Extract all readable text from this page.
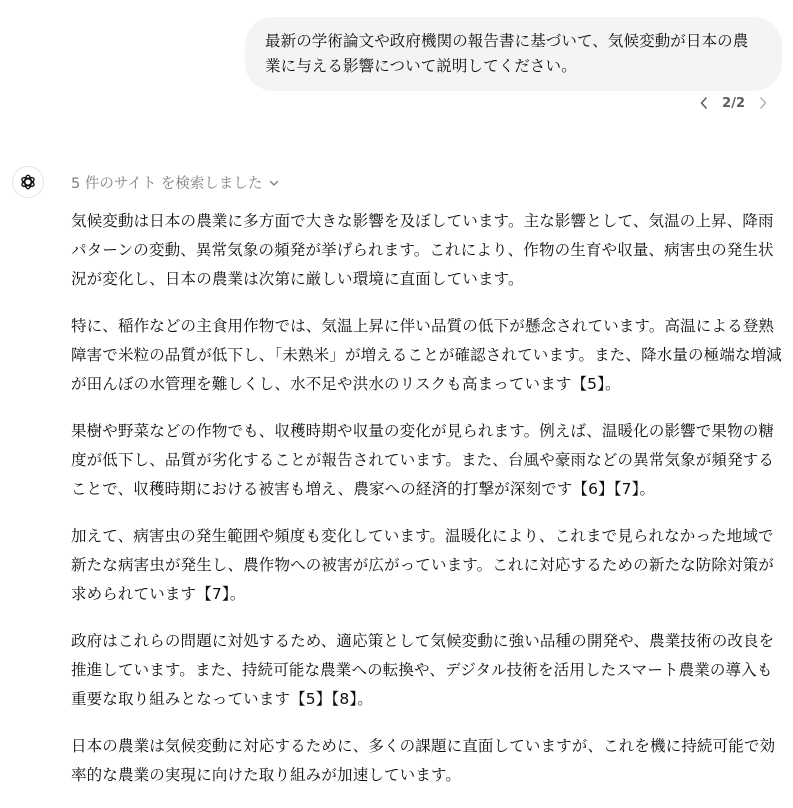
最新の学術論文や政府機関の報告書に基づいて、気候変動が日本の農業に与える影響について説明してください。
2/2
5 件のサイト を検索しました

気候変動は日本の農業に多方面で大きな影響を及ぼしています。主な影響として、気温の上昇、降雨パターンの変動、異常気象の頻発が挙げられます。これにより、作物の生育や収量、病害虫の発生状況が変化し、日本の農業は次第に厳しい環境に直面しています。

特に、稲作などの主食用作物では、気温上昇に伴い品質の低下が懸念されています。高温による登熟障害で米粒の品質が低下し、「未熟米」が増えることが確認されています。また、降水量の極端な増減が田んぼの水管理を難しくし、水不足や洪水のリスクも高まっています【5】。

果樹や野菜などの作物でも、収穫時期や収量の変化が見られます。例えば、温暖化の影響で果物の糖度が低下し、品質が劣化することが報告されています。また、台風や豪雨などの異常気象が頻発することで、収穫時期における被害も増え、農家への経済的打撃が深刻です【6】【7】。

加えて、病害虫の発生範囲や頻度も変化しています。温暖化により、これまで見られなかった地域で新たな病害虫が発生し、農作物への被害が広がっています。これに対応するための新たな防除対策が求められています【7】。

政府はこれらの問題に対処するため、適応策として気候変動に強い品種の開発や、農業技術の改良を推進しています。また、持続可能な農業への転換や、デジタル技術を活用したスマート農業の導入も重要な取り組みとなっています【5】【8】。

日本の農業は気候変動に対応するために、多くの課題に直面していますが、これを機に持続可能で効率的な農業の実現に向けた取り組みが加速しています。
